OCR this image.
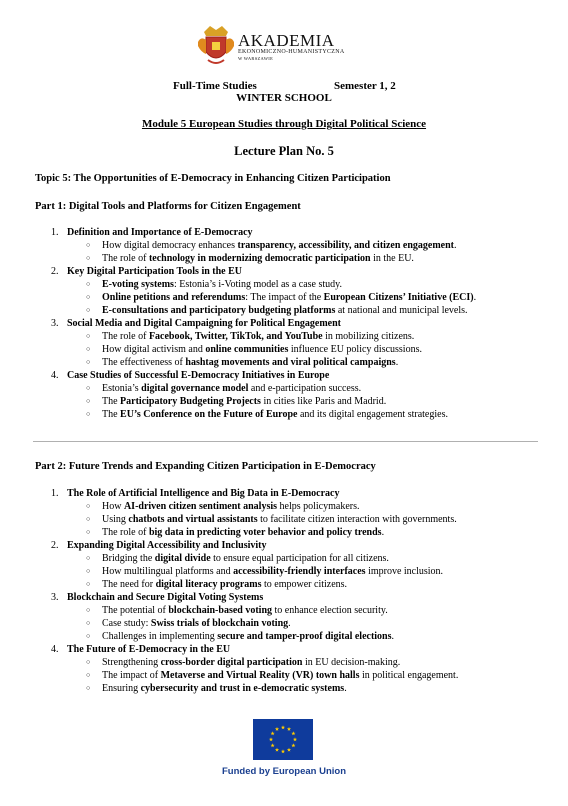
AKADEMIA
EKONOMICZNO-HUMANISTYCZNA
W WARSZAWIE
Full-Time Studies	Semester 1, 2
WINTER SCHOOL
Module 5 European Studies through Digital Political Science
Lecture Plan No. 5
Topic 5: The Opportunities of E-Democracy in Enhancing Citizen Participation
Part 1: Digital Tools and Platforms for Citizen Engagement
1. Definition and Importance of E-Democracy
○ How digital democracy enhances transparency, accessibility, and citizen engagement.
○ The role of technology in modernizing democratic participation in the EU.
2. Key Digital Participation Tools in the EU
○ E-voting systems: Estonia’s i-Voting model as a case study.
○ Online petitions and referendums: The impact of the European Citizens’ Initiative (ECI).
○ E-consultations and participatory budgeting platforms at national and municipal levels.
3. Social Media and Digital Campaigning for Political Engagement
○ The role of Facebook, Twitter, TikTok, and YouTube in mobilizing citizens.
○ How digital activism and online communities influence EU policy discussions.
○ The effectiveness of hashtag movements and viral political campaigns.
4. Case Studies of Successful E-Democracy Initiatives in Europe
○ Estonia’s digital governance model and e-participation success.
○ The Participatory Budgeting Projects in cities like Paris and Madrid.
○ The EU’s Conference on the Future of Europe and its digital engagement strategies.
Part 2: Future Trends and Expanding Citizen Participation in E-Democracy
1. The Role of Artificial Intelligence and Big Data in E-Democracy
○ How AI-driven citizen sentiment analysis helps policymakers.
○ Using chatbots and virtual assistants to facilitate citizen interaction with governments.
○ The role of big data in predicting voter behavior and policy trends.
2. Expanding Digital Accessibility and Inclusivity
○ Bridging the digital divide to ensure equal participation for all citizens.
○ How multilingual platforms and accessibility-friendly interfaces improve inclusion.
○ The need for digital literacy programs to empower citizens.
3. Blockchain and Secure Digital Voting Systems
○ The potential of blockchain-based voting to enhance election security.
○ Case study: Swiss trials of blockchain voting.
○ Challenges in implementing secure and tamper-proof digital elections.
4. The Future of E-Democracy in the EU
○ Strengthening cross-border digital participation in EU decision-making.
○ The impact of Metaverse and Virtual Reality (VR) town halls in political engagement.
○ Ensuring cybersecurity and trust in e-democratic systems.
Funded by European Union
